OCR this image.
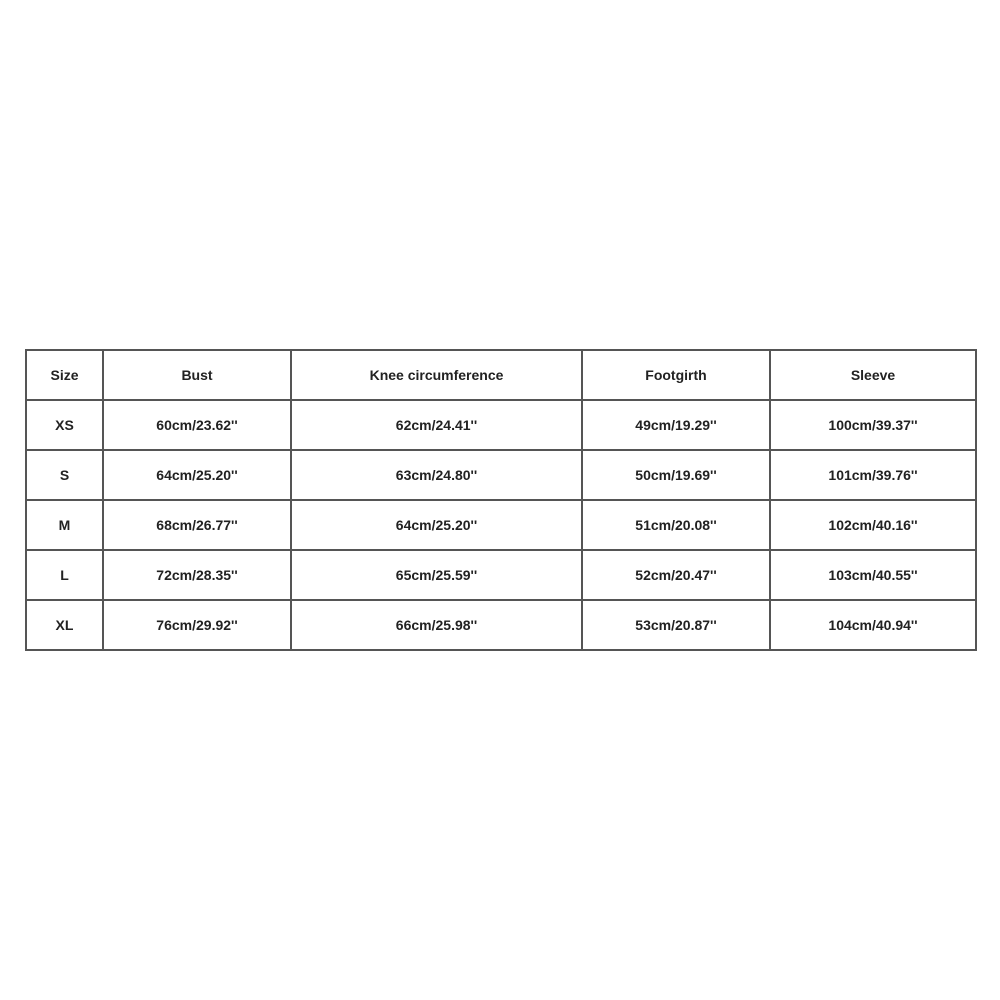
Size	Bust	Knee circumference	Footgirth	Sleeve
XS	60cm/23.62''	62cm/24.41''	49cm/19.29''	100cm/39.37''
S	64cm/25.20''	63cm/24.80''	50cm/19.69''	101cm/39.76''
M	68cm/26.77''	64cm/25.20''	51cm/20.08''	102cm/40.16''
L	72cm/28.35''	65cm/25.59''	52cm/20.47''	103cm/40.55''
XL	76cm/29.92''	66cm/25.98''	53cm/20.87''	104cm/40.94''
